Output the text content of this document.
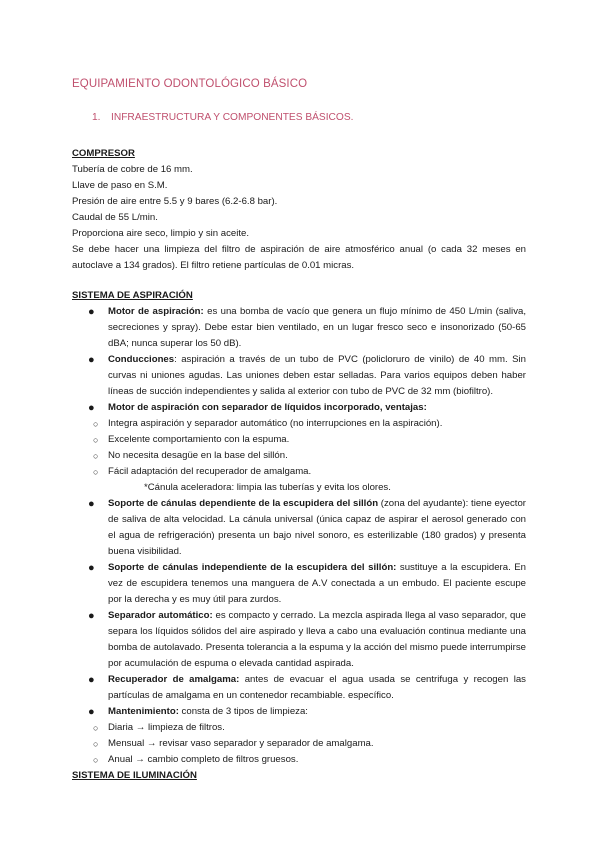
EQUIPAMIENTO ODONTOLÓGICO BÁSICO
1. INFRAESTRUCTURA Y COMPONENTES BÁSICOS.

COMPRESOR

Tubería de cobre de 16 mm.

Llave de paso en S.M.

Presión de aire entre 5.5 y 9 bares (6.2-6.8 bar).

Caudal de 55 L/min.

Proporciona aire seco, limpio y sin aceite.

Se debe hacer una limpieza del filtro de aspiración de aire atmosférico anual (o cada 32 meses en autoclave a 134 grados). El filtro retiene partículas de 0.01 micras.

SISTEMA DE ASPIRACIÓN

● Motor de aspiración: es una bomba de vacío que genera un flujo mínimo de 450 L/min (saliva, secreciones y spray). Debe estar bien ventilado, en un lugar fresco seco e insonorizado (50-65 dBA; nunca superar los 50 dB).
● Conducciones: aspiración a través de un tubo de PVC (policloruro de vinilo) de 40 mm. Sin curvas ni uniones agudas. Las uniones deben estar selladas. Para varios equipos deben haber líneas de succión independientes y salida al exterior con tubo de PVC de 32 mm (biofiltro).
● Motor de aspiración con separador de líquidos incorporado, ventajas:
○ Integra aspiración y separador automático (no interrupciones en la aspiración).
○ Excelente comportamiento con la espuma.
○ No necesita desagüe en la base del sillón.
○ Fácil adaptación del recuperador de amalgama.

*Cánula aceleradora: limpia las tuberías y evita los olores.

● Soporte de cánulas dependiente de la escupidera del sillón (zona del ayudante): tiene eyector de saliva de alta velocidad. La cánula universal (única capaz de aspirar el aerosol generado con el agua de refrigeración) presenta un bajo nivel sonoro, es esterilizable (180 grados) y presenta buena visibilidad.
● Soporte de cánulas independiente de la escupidera del sillón: sustituye a la escupidera. En vez de escupidera tenemos una manguera de A.V conectada a un embudo. El paciente escupe por la derecha y es muy útil para zurdos.
● Separador automático: es compacto y cerrado. La mezcla aspirada llega al vaso separador, que separa los líquidos sólidos del aire aspirado y lleva a cabo una evaluación continua mediante una bomba de autolavado. Presenta tolerancia a la espuma y la acción del mismo puede interrumpirse por acumulación de espuma o elevada cantidad aspirada.
● Recuperador de amalgama: antes de evacuar el agua usada se centrifuga y recogen las partículas de amalgama en un contenedor recambiable. específico.
● Mantenimiento: consta de 3 tipos de limpieza:
○ Diaria → limpieza de filtros.
○ Mensual → revisar vaso separador y separador de amalgama.
○ Anual → cambio completo de filtros gruesos.

SISTEMA DE ILUMINACIÓN
